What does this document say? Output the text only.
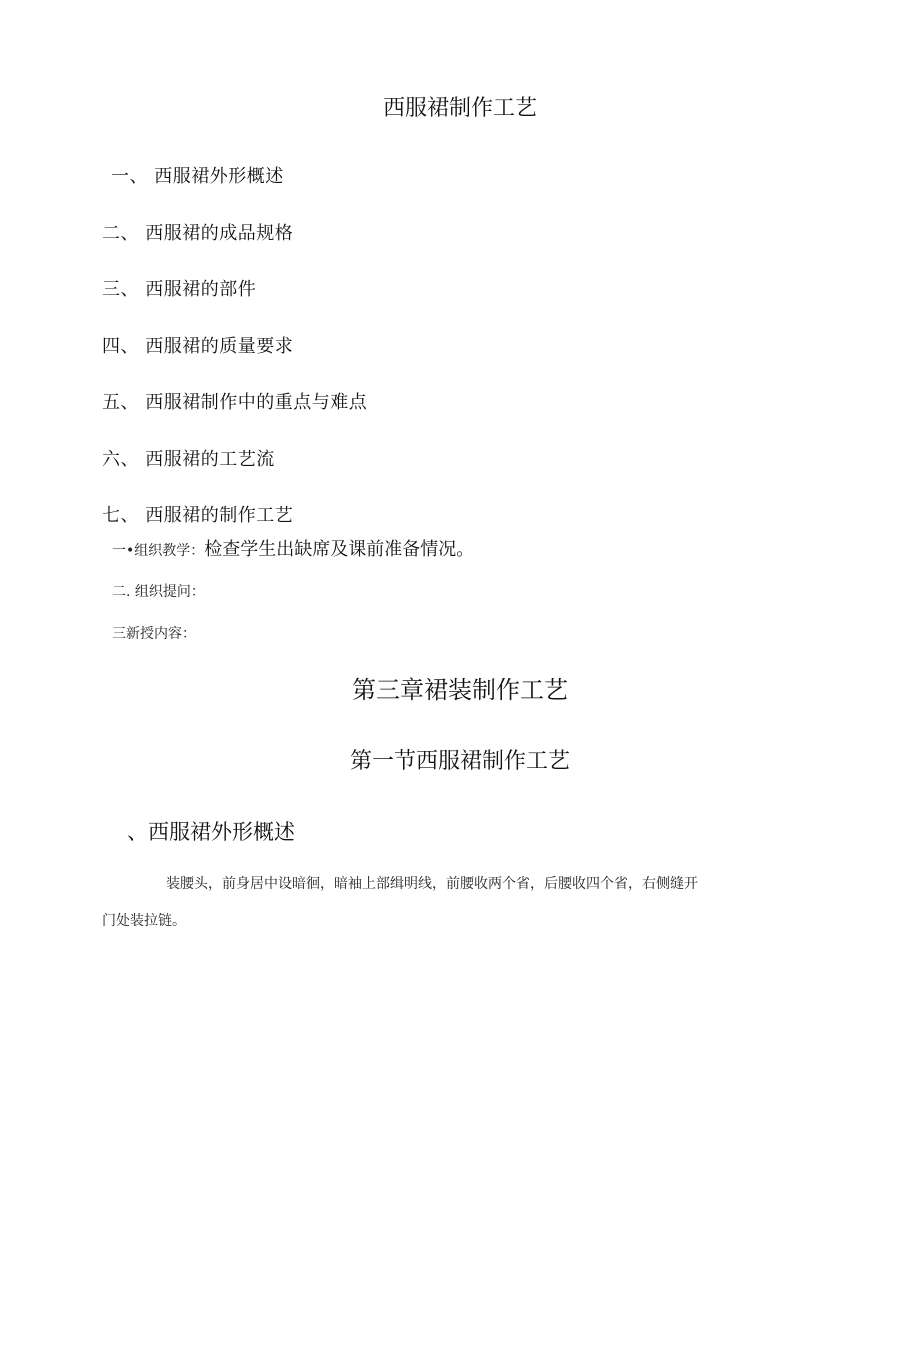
西服裙制作工艺
一、 西服裙外形概述
二、 西服裙的成品规格
三、 西服裙的部件
四、 西服裙的质量要求
五、 西服裙制作中的重点与难点
六、 西服裙的工艺流
七、 西服裙的制作工艺
一•组织教学：检查学生出缺席及课前准备情况。
二. 组织提问：
三新授内容：
第三章裙装制作工艺
第一节西服裙制作工艺
、西服裙外形概述
装腰头，前身居中设暗徊，暗袖上部缉明线，前腰收两个省，后腰收四个省，右侧缝开
门处装拉链。
